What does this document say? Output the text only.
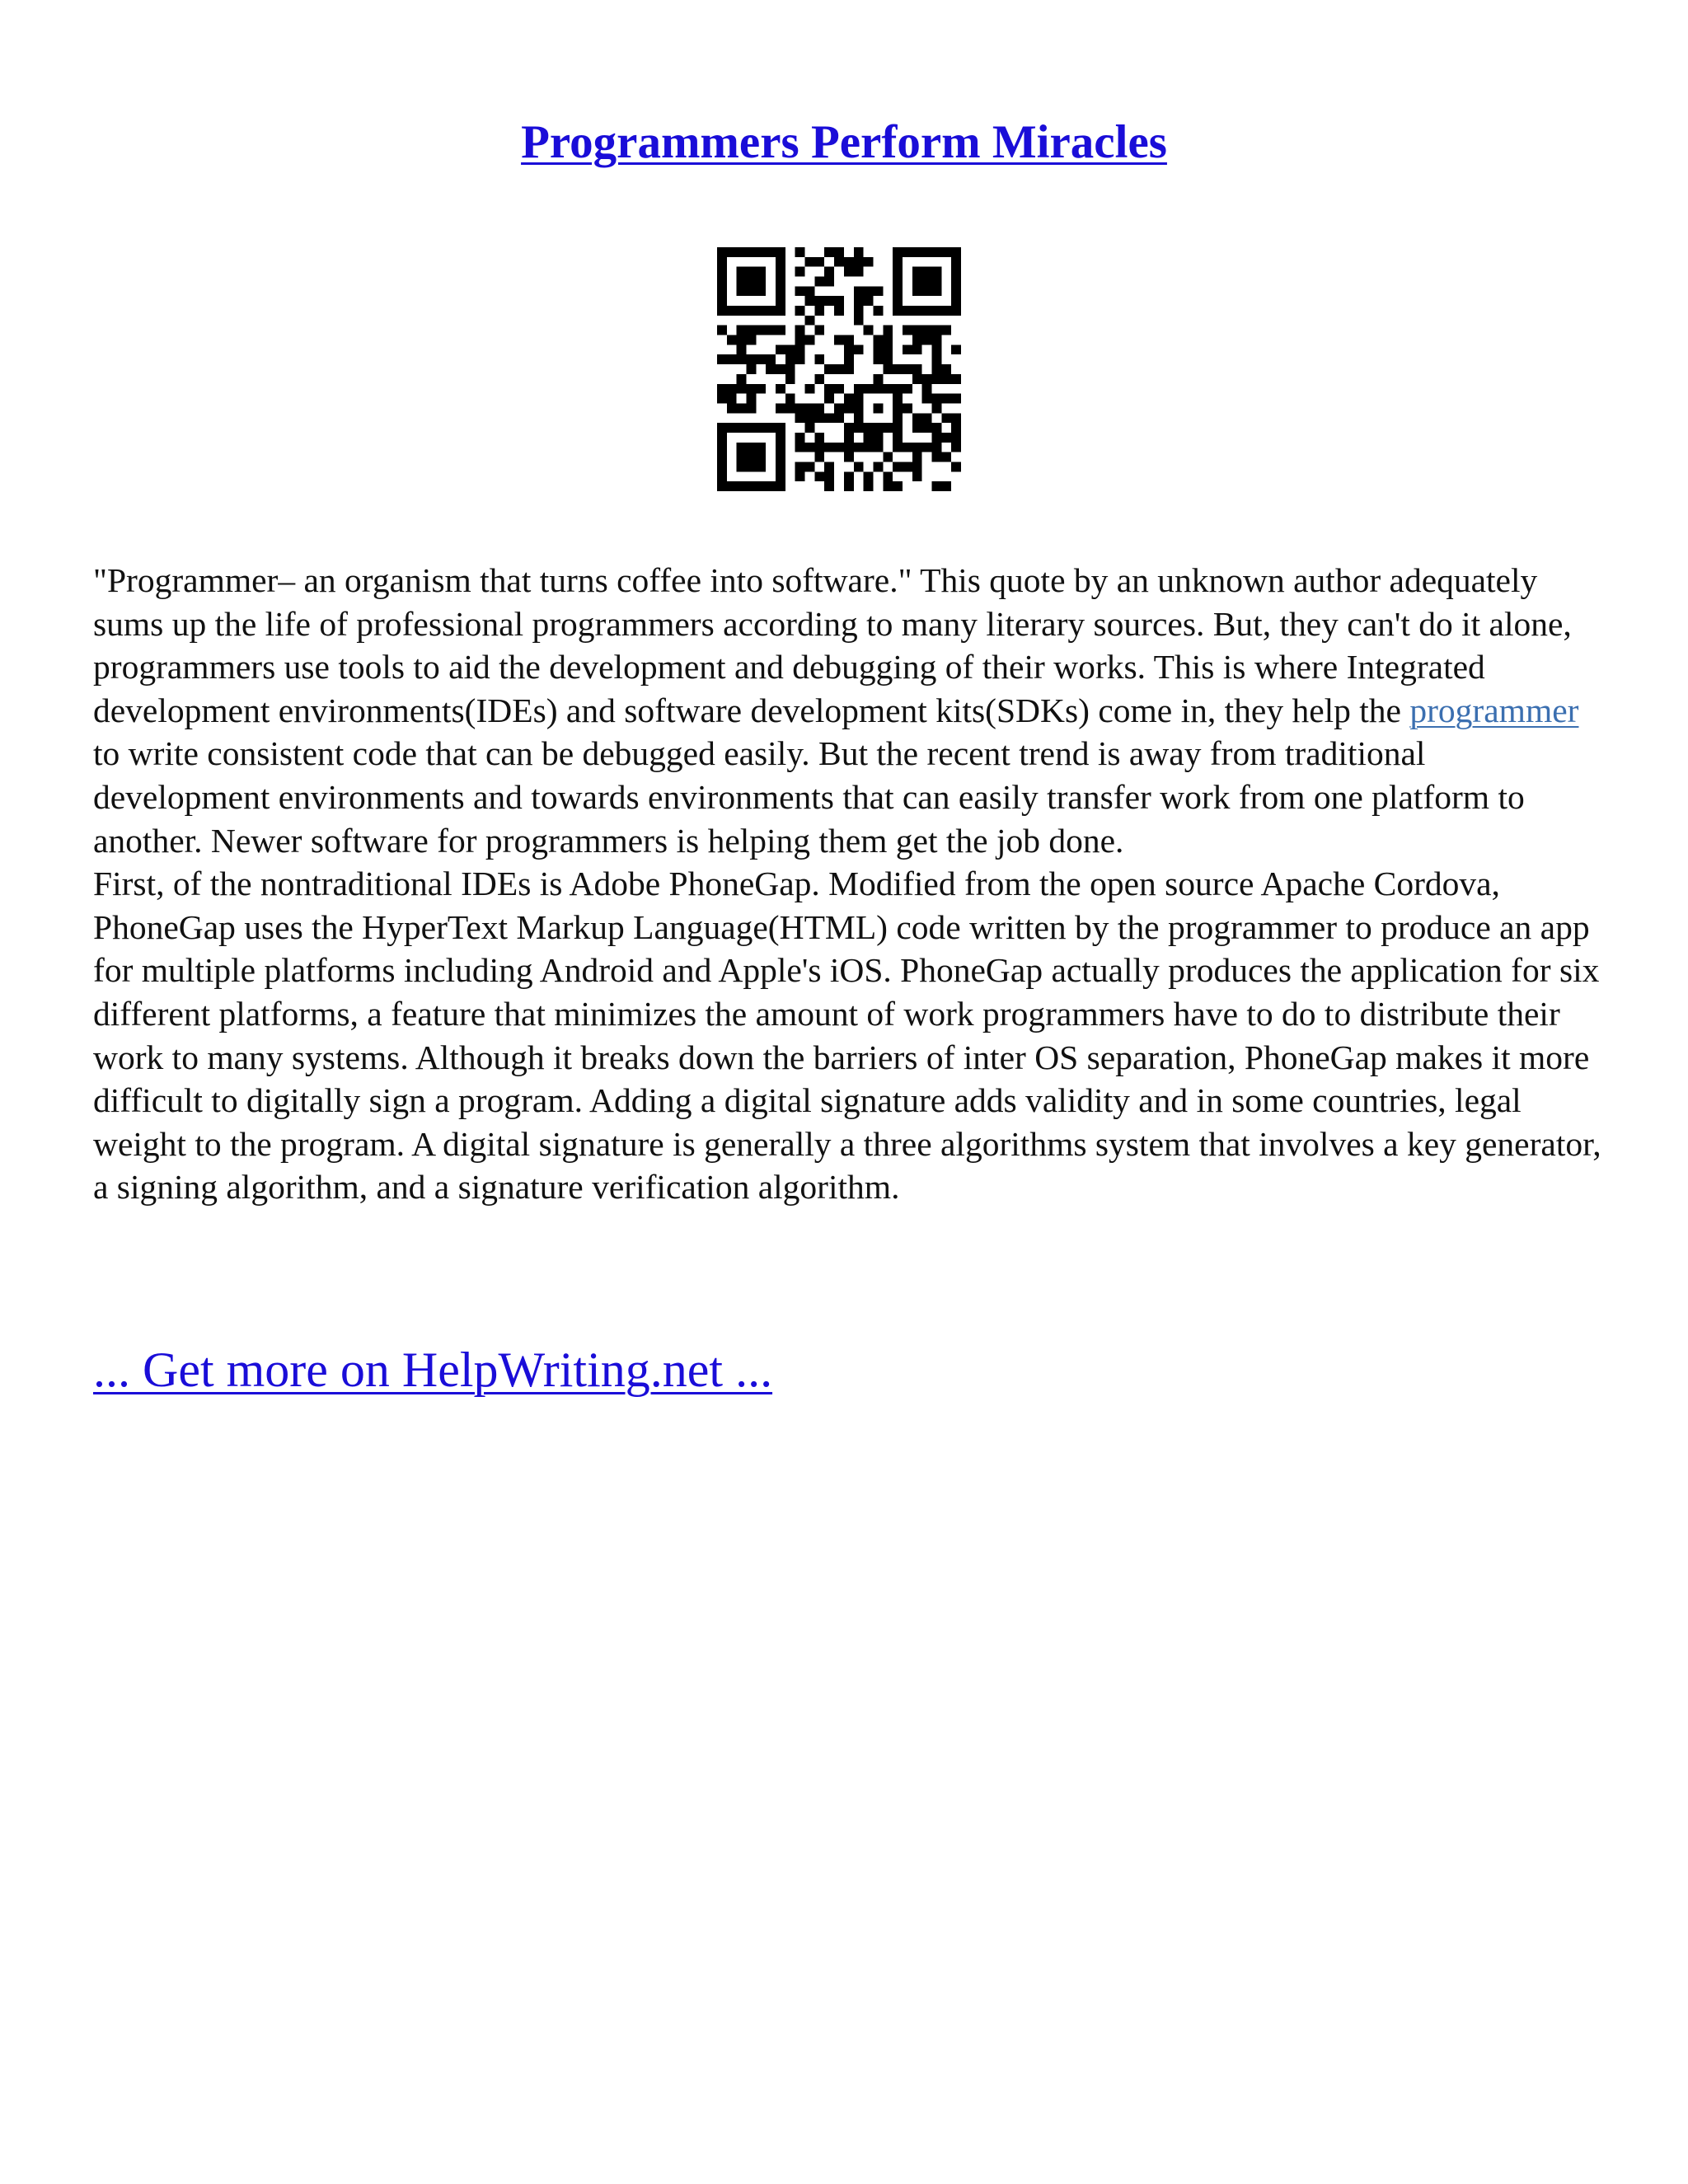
Programmers Perform Miracles

"Programmer– an organism that turns coffee into software." This quote by an unknown author adequately sums up the life of professional programmers according to many literary sources. But, they can't do it alone, programmers use tools to aid the development and debugging of their works. This is where Integrated development environments(IDEs) and software development kits(SDKs) come in, they help the programmer to write consistent code that can be debugged easily. But the recent trend is away from traditional development environments and towards environments that can easily transfer work from one platform to another. Newer software for programmers is helping them get the job done.

First, of the nontraditional IDEs is Adobe PhoneGap. Modified from the open source Apache Cordova, PhoneGap uses the HyperText Markup Language(HTML) code written by the programmer to produce an app for multiple platforms including Android and Apple's iOS. PhoneGap actually produces the application for six different platforms, a feature that minimizes the amount of work programmers have to do to distribute their work to many systems. Although it breaks down the barriers of inter OS separation, PhoneGap makes it more difficult to digitally sign a program. Adding a digital signature adds validity and in some countries, legal weight to the program. A digital signature is generally a three algorithms system that involves a key generator, a signing algorithm, and a signature verification algorithm.

... Get more on HelpWriting.net ...
